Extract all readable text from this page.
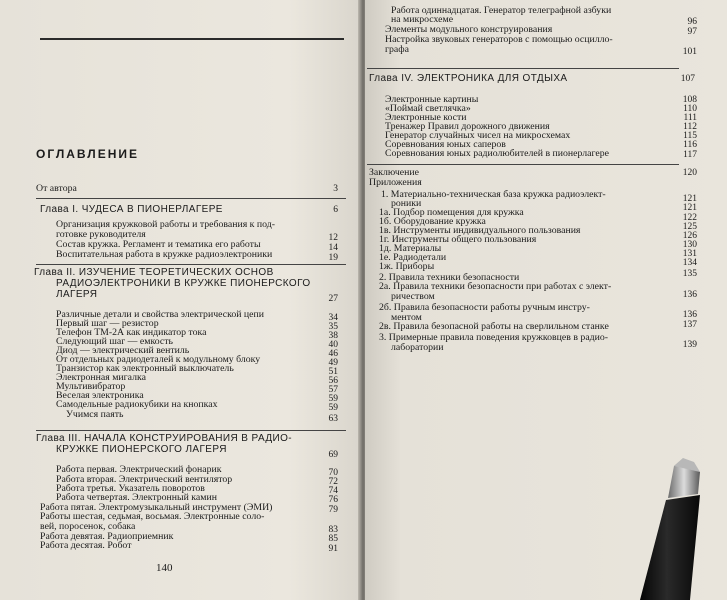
ОГЛАВЛЕНИЕ
От автора	3
Глава I. ЧУДЕСА В ПИОНЕРЛАГЕРЕ	6
Организация кружковой работы и требования к под-
готовке руководителя	12
Состав кружка. Регламент и тематика его работы	14
Воспитательная работа в кружке радиоэлектроники	19
Глава II. ИЗУЧЕНИЕ ТЕОРЕТИЧЕСКИХ ОСНОВ
РАДИОЭЛЕКТРОНИКИ В КРУЖКЕ ПИОНЕРСКОГО
ЛАГЕРЯ	27
Различные детали и свойства электрической цепи	34
Первый шаг — резистор	35
Телефон ТМ-2А как индикатор тока	38
Следующий шаг — емкость	40
Диод — электрический вентиль	46
От отдельных радиодеталей к модульному блоку	49
Транзистор как электронный выключатель	51
Электронная мигалка	56
Мультивибратор	57
Веселая электроника	59
Самодельные радиокубики на кнопках	59
Учимся паять	63
Глава III. НАЧАЛА КОНСТРУИРОВАНИЯ В РАДИО-
КРУЖКЕ ПИОНЕРСКОГО ЛАГЕРЯ	69
Работа первая. Электрический фонарик	70
Работа вторая. Электрический вентилятор	72
Работа третья. Указатель поворотов	74
Работа четвертая. Электронный камин	76
Работа пятая. Электромузыкальный инструмент (ЭМИ)	79
Работы шестая, седьмая, восьмая. Электронные соло-
вей, поросенок, собака	83
Работа девятая. Радиоприемник	85
Работа десятая. Робот	91
140
Работа одиннадцатая. Генератор телеграфной азбуки
на микросхеме	96
Элементы модульного конструирования	97
Настройка звуковых генераторов с помощью осцилло-
графа	101
Глава IV. ЭЛЕКТРОНИКА ДЛЯ ОТДЫХА	107
Электронные картины	108
«Поймай светлячка»	110
Электронные кости	111
Тренажер Правил дорожного движения	112
Генератор случайных чисел на микросхемах	115
Соревнования юных саперов	116
Соревнования юных радиолюбителей в пионерлагере	117
Заключение	120
Приложения
1. Материально-техническая база кружка радиоэлект-
роники	121
1а. Подбор помещения для кружка	121
1б. Оборудование кружка	122
1в. Инструменты индивидуального пользования	125
1г. Инструменты общего пользования	126
1д. Материалы	130
1е. Радиодетали	131
1ж. Приборы	134
2. Правила техники безопасности	135
2а. Правила техники безопасности при работах с элект-
ричеством	136
2б. Правила безопасности работы ручным инстру-
ментом	136
2в. Правила безопасной работы на сверлильном станке	137
3. Примерные правила поведения кружковцев в радио-
лаборатории	139
